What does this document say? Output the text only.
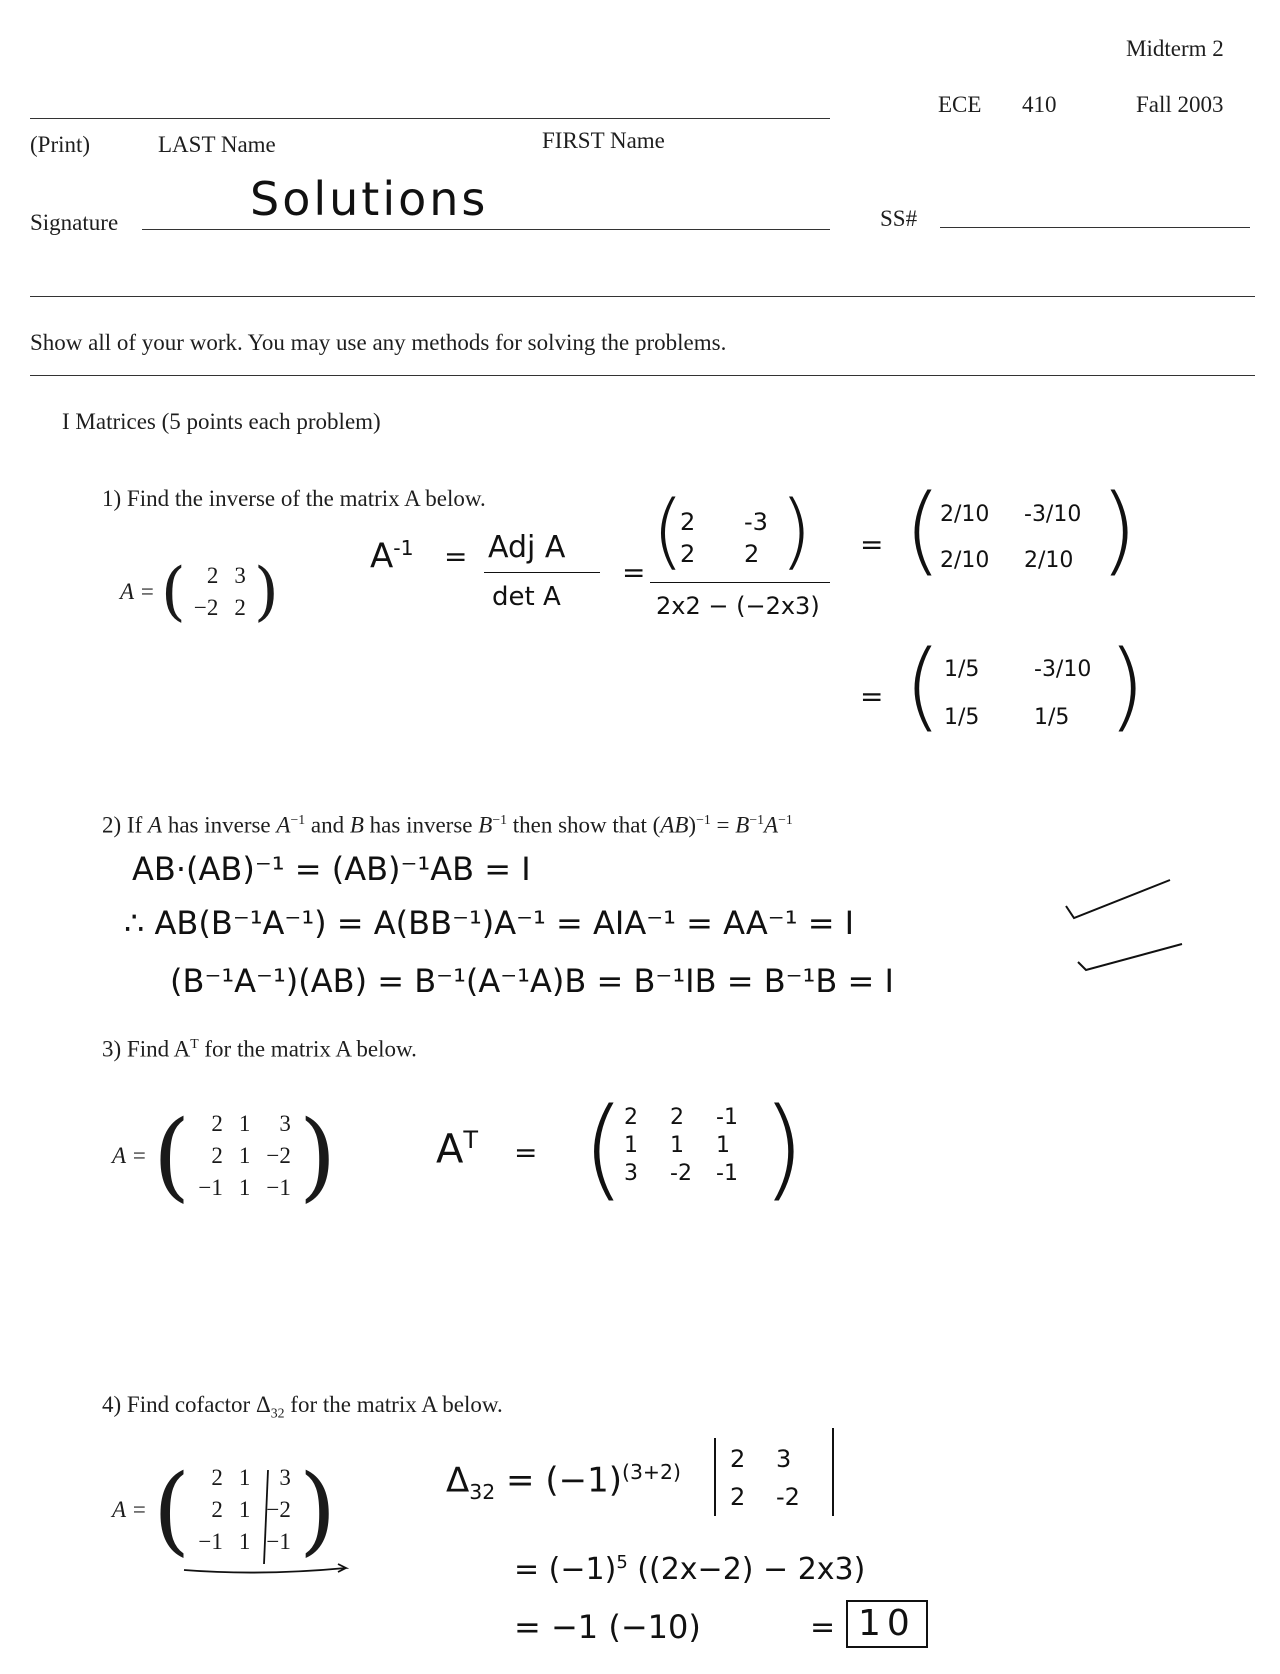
Midterm 2
ECE 410	Fall 2003
(Print)	LAST Name	FIRST Name
Signature	Solutions	SS#
Show all of your work. You may use any methods for solving the problems.
I Matrices (5 points each problem)
1) Find the inverse of the matrix A below.
A = ( 2 3
−2 2 )	$A^{-1}$ = Adj A
det A
= (
2	-3
2	2 )
2x2 − (−2x3)
= (
2/10	-3/10
2/10	2/10 )
= ( 1/5	-3/10
1/5	1/5 )
2) If A has inverse $A^{-1}$ and B has inverse $B^{-1}$ then show that $(AB)^{-1} = B^{-1}A^{-1}$
AB·(AB)⁻¹ = (AB)⁻¹AB = I
∴ AB(B⁻¹A⁻¹) = A(BB⁻¹)A⁻¹ = AIA⁻¹ = AA⁻¹ = I
(B⁻¹A⁻¹)(AB) = B⁻¹(A⁻¹A)B = B⁻¹IB = B⁻¹B = I
3) Find $A^T$ for the matrix A below.
A = ( 2 1	3
2 1 −2
−1 1 −1 ) $A^T$ = ( 2	2	-1
1	1	1
3	-2	-1 )
4) Find cofactor $\Delta_{32}$ for the matrix A below.
A = ( 2 1	3
2 1 −2
−1 1 −1 )	$\Delta_{32} = (-1)^{(3+2)}$ 2	3
2	-2
= $(-1)^5$ ((2x−2) − 2x3)
= −1 (−10)	= 10
